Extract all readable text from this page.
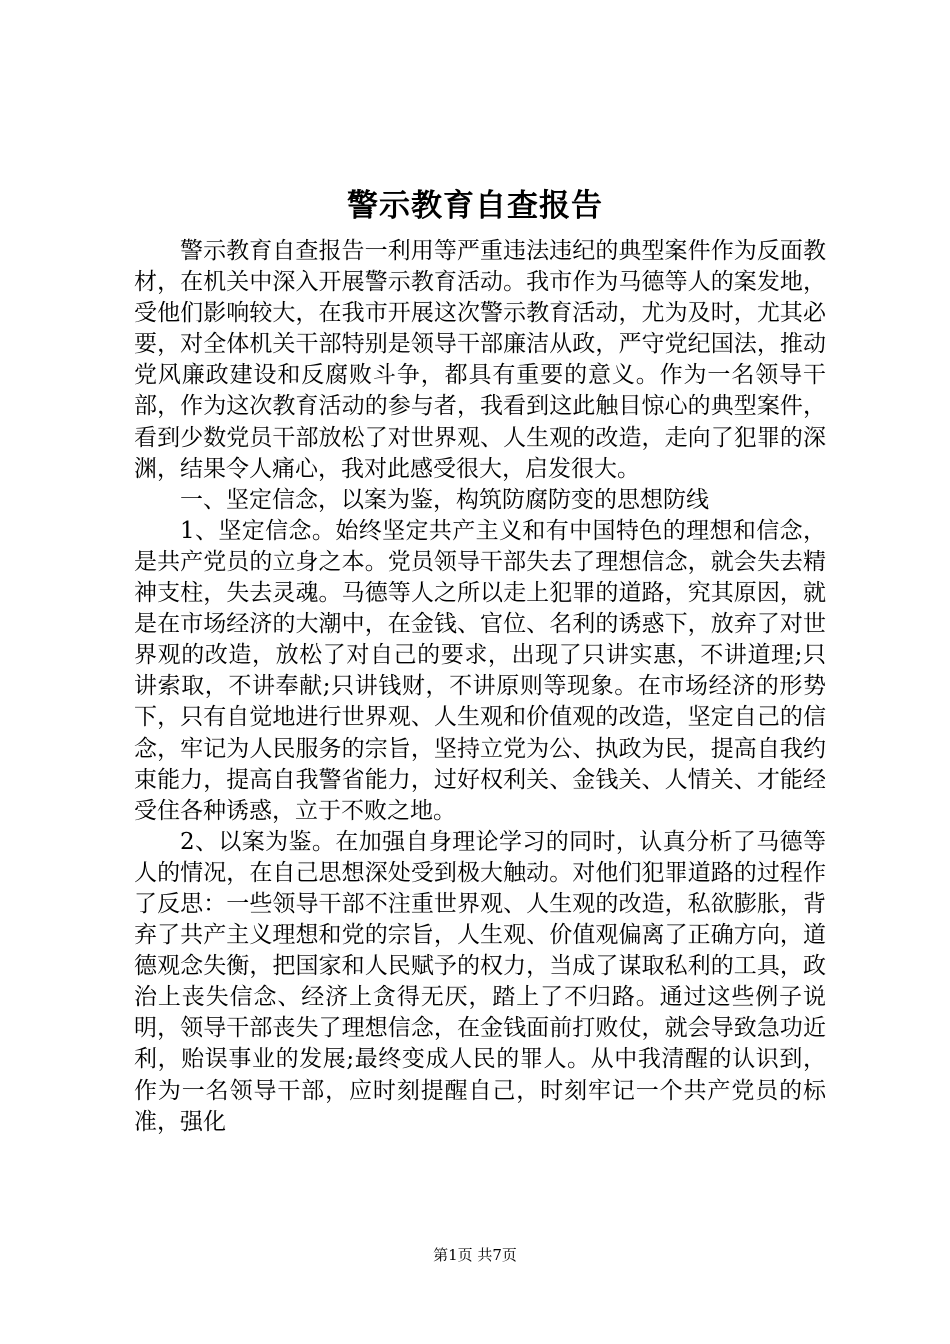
警示教育自查报告

警示教育自查报告一利用等严重违法违纪的典型案件作为反面教材，在机关中深入开展警示教育活动。我市作为马德等人的案发地，受他们影响较大，在我市开展这次警示教育活动，尤为及时，尤其必要，对全体机关干部特别是领导干部廉洁从政，严守党纪国法，推动党风廉政建设和反腐败斗争，都具有重要的意义。作为一名领导干部，作为这次教育活动的参与者，我看到这此触目惊心的典型案件，看到少数党员干部放松了对世界观、人生观的改造，走向了犯罪的深渊，结果令人痛心，我对此感受很大，启发很大。

一、坚定信念，以案为鉴，构筑防腐防变的思想防线

1、坚定信念。始终坚定共产主义和有中国特色的理想和信念，是共产党员的立身之本。党员领导干部失去了理想信念，就会失去精神支柱，失去灵魂。马德等人之所以走上犯罪的道路，究其原因，就是在市场经济的大潮中，在金钱、官位、名利的诱惑下，放弃了对世界观的改造，放松了对自己的要求，出现了只讲实惠，不讲道理;只讲索取，不讲奉献;只讲钱财，不讲原则等现象。在市场经济的形势下，只有自觉地进行世界观、人生观和价值观的改造，坚定自己的信念，牢记为人民服务的宗旨，坚持立党为公、执政为民，提高自我约束能力，提高自我警省能力，过好权利关、金钱关、人情关、才能经受住各种诱惑，立于不败之地。

2、以案为鉴。在加强自身理论学习的同时，认真分析了马德等人的情况，在自己思想深处受到极大触动。对他们犯罪道路的过程作了反思：一些领导干部不注重世界观、人生观的改造，私欲膨胀，背弃了共产主义理想和党的宗旨，人生观、价值观偏离了正确方向，道德观念失衡，把国家和人民赋予的权力，当成了谋取私利的工具，政治上丧失信念、经济上贪得无厌，踏上了不归路。通过这些例子说明，领导干部丧失了理想信念，在金钱面前打败仗，就会导致急功近利，贻误事业的发展;最终变成人民的罪人。从中我清醒的认识到，作为一名领导干部，应时刻提醒自己，时刻牢记一个共产党员的标准，强化

第1页 共7页
